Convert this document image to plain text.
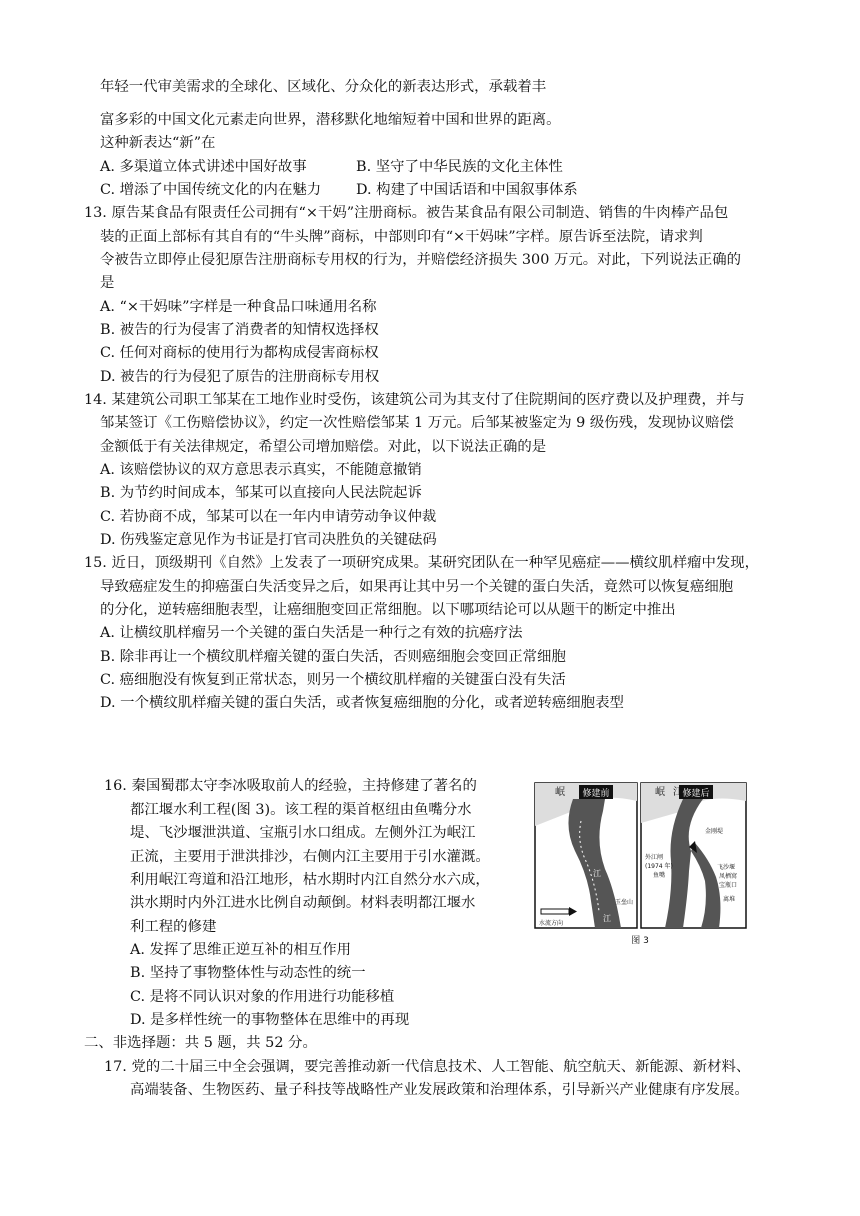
年轻一代审美需求的全球化、区域化、分众化的新表达形式，承载着丰
富多彩的中国文化元素走向世界，潜移默化地缩短着中国和世界的距离。
这种新表达“新”在
A. 多渠道立体式讲述中国好故事	B. 坚守了中华民族的文化主体性
C. 增添了中国传统文化的内在魅力 D. 构建了中国话语和中国叙事体系
13. 原告某食品有限责任公司拥有“×干妈”注册商标。被告某食品有限公司制造、销售的牛肉棒产品包
装的正面上部标有其自有的“牛头牌”商标，中部则印有“×干妈味”字样。原告诉至法院，请求判
令被告立即停止侵犯原告注册商标专用权的行为，并赔偿经济损失 300 万元。对此，下列说法正确的
是
A. “×干妈味”字样是一种食品口味通用名称
B. 被告的行为侵害了消费者的知情权选择权
C. 任何对商标的使用行为都构成侵害商标权
D. 被告的行为侵犯了原告的注册商标专用权
14. 某建筑公司职工邹某在工地作业时受伤，该建筑公司为其支付了住院期间的医疗费以及护理费，并与
邹某签订《工伤赔偿协议》，约定一次性赔偿邹某 1 万元。后邹某被鉴定为 9 级伤残，发现协议赔偿
金额低于有关法律规定，希望公司增加赔偿。对此，以下说法正确的是
A. 该赔偿协议的双方意思表示真实，不能随意撤销
B. 为节约时间成本，邹某可以直接向人民法院起诉
C. 若协商不成，邹某可以在一年内申请劳动争议仲裁
D. 伤残鉴定意见作为书证是打官司决胜负的关键砝码
15. 近日，顶级期刊《自然》上发表了一项研究成果。某研究团队在一种罕见癌症——横纹肌样瘤中发现，
导致癌症发生的抑癌蛋白失活变异之后，如果再让其中另一个关键的蛋白失活，竟然可以恢复癌细胞
的分化，逆转癌细胞表型，让癌细胞变回正常细胞。以下哪项结论可以从题干的断定中推出
A. 让横纹肌样瘤另一个关键的蛋白失活是一种行之有效的抗癌疗法
B. 除非再让一个横纹肌样瘤关键的蛋白失活，否则癌细胞会变回正常细胞
C. 癌细胞没有恢复到正常状态，则另一个横纹肌样瘤的关键蛋白没有失活
D. 一个横纹肌样瘤关键的蛋白失活，或者恢复癌细胞的分化，或者逆转癌细胞表型
16. 秦国蜀郡太守李冰吸取前人的经验，主持修建了著名的
都江堰水利工程(图 3)。该工程的渠首枢纽由鱼嘴分水
堤、飞沙堰泄洪道、宝瓶引水口组成。左侧外江为岷江
正流，主要用于泄洪排沙，右侧内江主要用于引水灌溉。
利用岷江弯道和沿江地形，枯水期时内江自然分水六成，
洪水期时内外江进水比例自动颠倒。材料表明都江堰水
利工程的修建
A. 发挥了思维正逆互补的相互作用
B. 坚持了事物整体性与动态性的统一
C. 是将不同认识对象的作用进行功能移植
D. 是多样性统一的事物整体在思维中的再现
修建前
岷
江
江
玉垒山
水流方向
修建后
岷 江
金刚堤
外江闸
(1974 年)
鱼嘴
飞沙堰
凤栖窝
宝瓶口
离堆
图 3
二、非选择题：共 5 题，共 52 分。
17. 党的二十届三中全会强调，要完善推动新一代信息技术、人工智能、航空航天、新能源、新材料、
高端装备、生物医药、量子科技等战略性产业发展政策和治理体系，引导新兴产业健康有序发展。
